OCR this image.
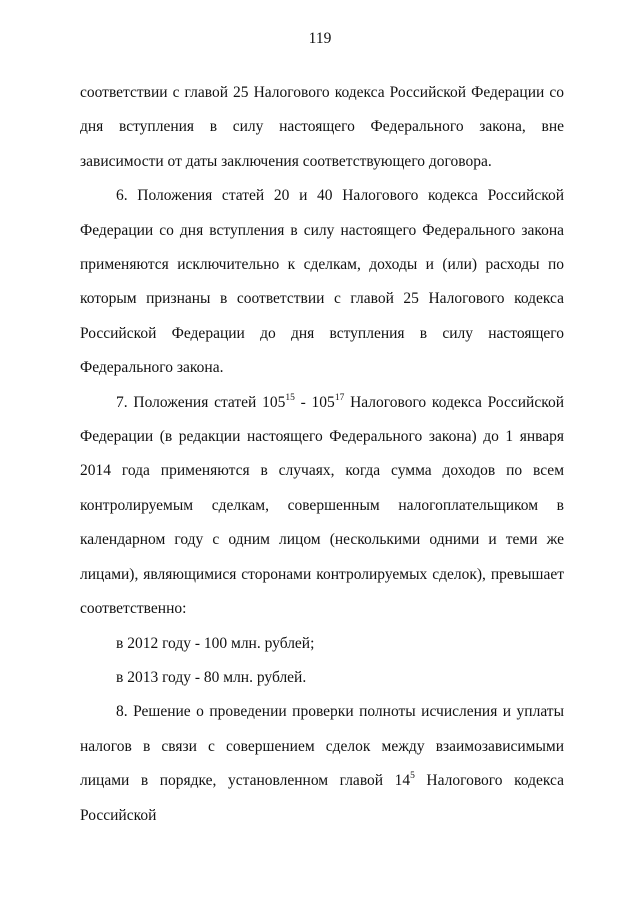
119

соответствии с главой 25 Налогового кодекса Российской Федерации со дня вступления в силу настоящего Федерального закона, вне зависимости от даты заключения соответствующего договора.

6. Положения статей 20 и 40 Налогового кодекса Российской Федерации со дня вступления в силу настоящего Федерального закона применяются исключительно к сделкам, доходы и (или) расходы по которым признаны в соответствии с главой 25 Налогового кодекса Российской Федерации до дня вступления в силу настоящего Федерального закона.

7. Положения статей $105^{15} - 105^{17}$ Налогового кодекса Российской Федерации (в редакции настоящего Федерального закона) до 1 января 2014 года применяются в случаях, когда сумма доходов по всем контролируемым сделкам, совершенным налогоплательщиком в календарном году с одним лицом (несколькими одними и теми же лицами), являющимися сторонами контролируемых сделок), превышает соответственно:

в 2012 году - 100 млн. рублей;

в 2013 году - 80 млн. рублей.

8. Решение о проведении проверки полноты исчисления и уплаты налогов в связи с совершением сделок между взаимозависимыми лицами в порядке, установленном главой $14^5$ Налогового кодекса Российской
